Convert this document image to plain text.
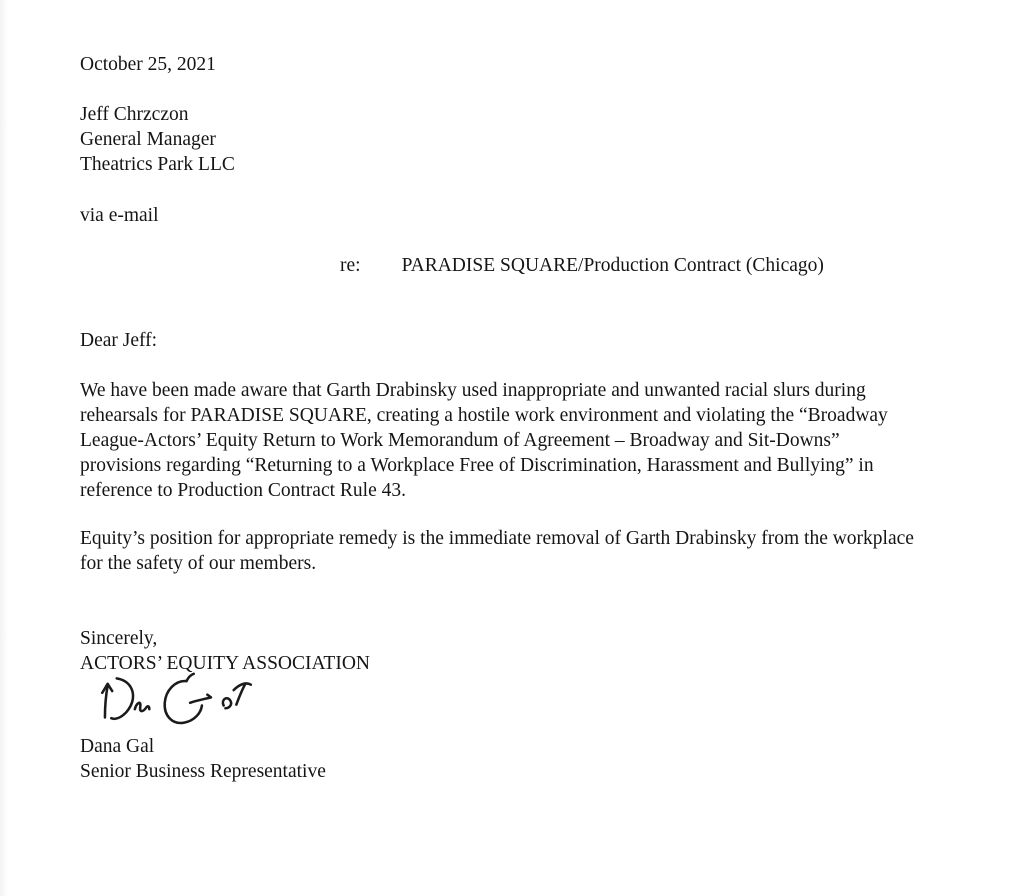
October 25, 2021
Jeff Chrzczon
General Manager
Theatrics Park LLC
via e-mail
re: PARADISE SQUARE/Production Contract (Chicago)
Dear Jeff:
We have been made aware that Garth Drabinsky used inappropriate and unwanted racial slurs during rehearsals for PARADISE SQUARE, creating a hostile work environment and violating the “Broadway League-Actors’ Equity Return to Work Memorandum of Agreement – Broadway and Sit-Downs” provisions regarding “Returning to a Workplace Free of Discrimination, Harassment and Bullying” in reference to Production Contract Rule 43.
Equity’s position for appropriate remedy is the immediate removal of Garth Drabinsky from the workplace for the safety of our members.
Sincerely,
ACTORS’ EQUITY ASSOCIATION
Dana Gal
Senior Business Representative
